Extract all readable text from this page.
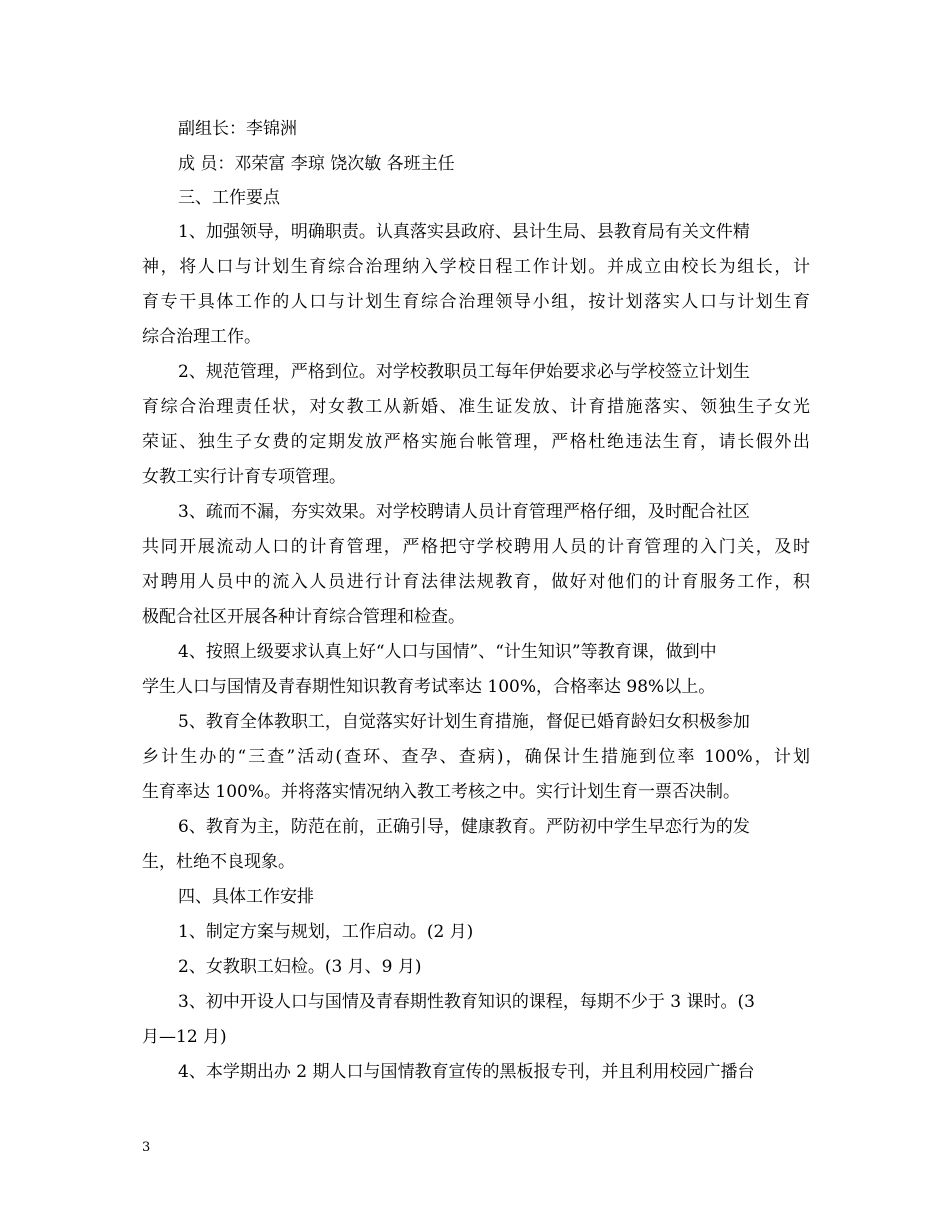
副组长：李锦洲

成 员：邓荣富 李琼 饶次敏 各班主任

三、工作要点

1、加强领导，明确职责。认真落实县政府、县计生局、县教育局有关文件精

神，将人口与计划生育综合治理纳入学校日程工作计划。并成立由校长为组长，计

育专干具体工作的人口与计划生育综合治理领导小组，按计划落实人口与计划生育

综合治理工作。

2、规范管理，严格到位。对学校教职员工每年伊始要求必与学校签立计划生

育综合治理责任状，对女教工从新婚、准生证发放、计育措施落实、领独生子女光

荣证、独生子女费的定期发放严格实施台帐管理，严格杜绝违法生育，请长假外出

女教工实行计育专项管理。

3、疏而不漏，夯实效果。对学校聘请人员计育管理严格仔细，及时配合社区

共同开展流动人口的计育管理，严格把守学校聘用人员的计育管理的入门关，及时

对聘用人员中的流入人员进行计育法律法规教育，做好对他们的计育服务工作，积

极配合社区开展各种计育综合管理和检查。

4、按照上级要求认真上好“人口与国情”、“计生知识”等教育课，做到中

学生人口与国情及青春期性知识教育考试率达 100%，合格率达 98%以上。

5、教育全体教职工，自觉落实好计划生育措施，督促已婚育龄妇女积极参加

乡计生办的“三查”活动(查环、查孕、查病)，确保计生措施到位率 100%，计划

生育率达 100%。并将落实情况纳入教工考核之中。实行计划生育一票否决制。

6、教育为主，防范在前，正确引导，健康教育。严防初中学生早恋行为的发

生，杜绝不良现象。

四、具体工作安排

1、制定方案与规划，工作启动。(2 月)

2、女教职工妇检。(3 月、9 月)

3、初中开设人口与国情及青春期性教育知识的课程，每期不少于 3 课时。(3

月—12 月)

4、本学期出办 2 期人口与国情教育宣传的黑板报专刊，并且利用校园广播台

3
